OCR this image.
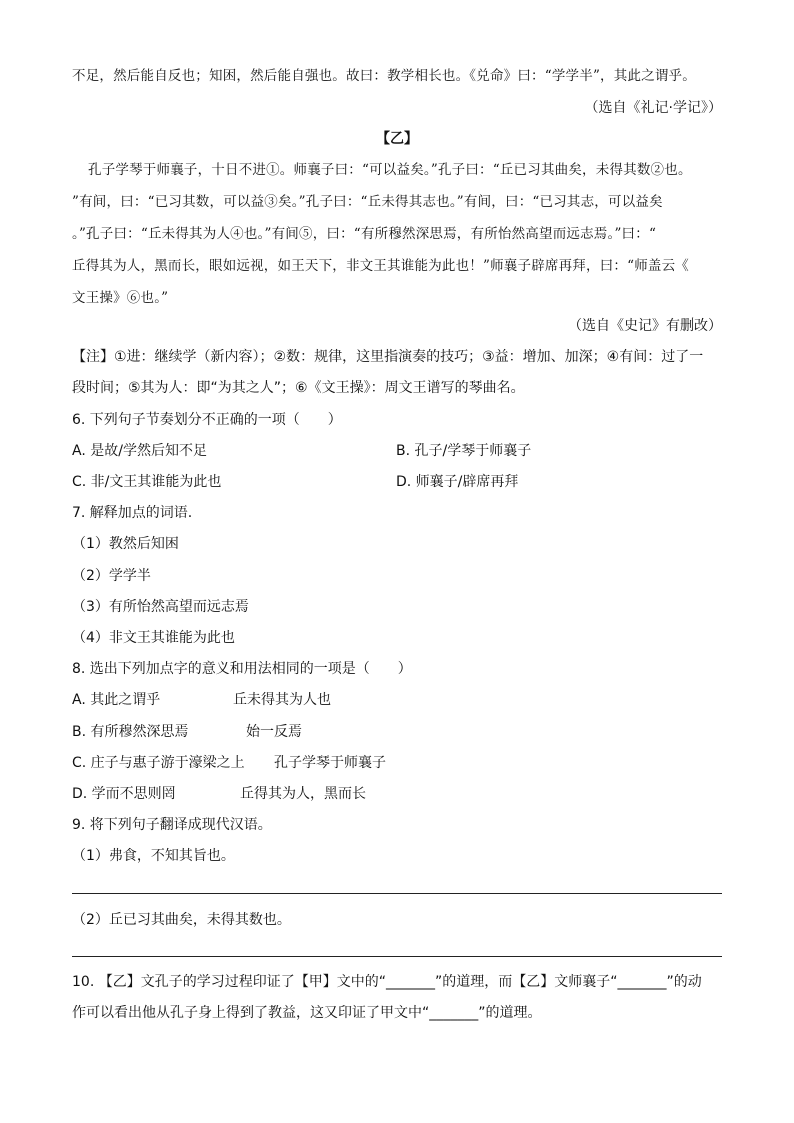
不足，然后能自反也；知困，然后能自强也。故曰：教学相长也。《兑命》曰：“学学半”，其此之谓乎。
（选自《礼记·学记》）
【乙】
孔子学琴于师襄子，十日不进①。师襄子曰：“可以益矣。”孔子曰：“丘已习其曲矣，未得其数②也。
”有间，曰：“已习其数，可以益③矣。”孔子曰：“丘未得其志也。”有间，曰：“已习其志，可以益矣
。”孔子曰：“丘未得其为人④也。”有间⑤，曰：“有所穆然深思焉，有所怡然高望而远志焉。”曰：“
丘得其为人，黑而长，眼如远视，如王天下，非文王其谁能为此也！”师襄子辟席再拜，曰：“师盖云《
文王操》⑥也。”
（选自《史记》有删改）
【注】①进：继续学（新内容）；②数：规律，这里指演奏的技巧；③益：增加、加深；④有间：过了一
段时间；⑤其为人：即“为其之人”；⑥《文王操》：周文王谱写的琴曲名。
6. 下列句子节奏划分不正确的一项（　　）
A. 是故/学然后知不足	B. 孔子/学琴于师襄子
C. 非/文王其谁能为此也	D. 师襄子/辟席再拜
7. 解释加点的词语.
（1）教然后知困
（2）学学半
（3）有所怡然高望而远志焉
（4）非文王其谁能为此也
8. 选出下列加点字的意义和用法相同的一项是（　　）
A. 其此之谓乎	丘未得其为人也
B. 有所穆然深思焉	始一反焉
C. 庄子与惠子游于濠梁之上 孔子学琴于师襄子
D. 学而不思则罔	丘得其为人，黑而长
9. 将下列句子翻译成现代汉语。
（1）弗食，不知其旨也。
（2）丘已习其曲矣，未得其数也。
10. 【乙】文孔子的学习过程印证了【甲】文中的“_______”的道理，而【乙】文师襄子“_______”的动
作可以看出他从孔子身上得到了教益，这又印证了甲文中“_______”的道理。
